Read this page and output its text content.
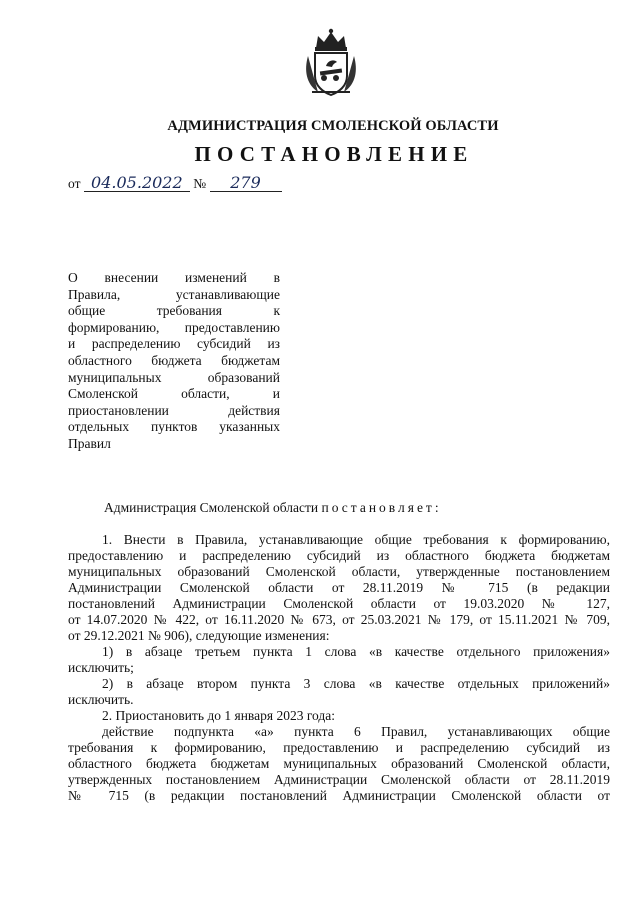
АДМИНИСТРАЦИЯ СМОЛЕНСКОЙ ОБЛАСТИ
ПОСТАНОВЛЕНИЕ
от 04.05.2022 № 279
О внесении изменений в
Правила, устанавливающие
общие требования к
формированию, предоставлению
и распределению субсидий из
областного бюджета бюджетам
муниципальных образований
Смоленской области, и
приостановлении действия
отдельных пунктов указанных
Правил
Администрация Смоленской области постановляет:
1. Внести в Правила, устанавливающие общие требования к формированию,
предоставлению и распределению субсидий из областного бюджета бюджетам
муниципальных образований Смоленской области, утвержденные постановлением
Администрации Смоленской области от 28.11.2019 № 715 (в редакции
постановлений Администрации Смоленской области от 19.03.2020 № 127,
от 14.07.2020 № 422, от 16.11.2020 № 673, от 25.03.2021 № 179, от 15.11.2021 № 709,
от 29.12.2021 № 906), следующие изменения:
1) в абзаце третьем пункта 1 слова «в качестве отдельного приложения»
исключить;
2) в абзаце втором пункта 3 слова «в качестве отдельных приложений»
исключить.
2. Приостановить до 1 января 2023 года:
действие подпункта «а» пункта 6 Правил, устанавливающих общие
требования к формированию, предоставлению и распределению субсидий из
областного бюджета бюджетам муниципальных образований Смоленской области,
утвержденных постановлением Администрации Смоленской области от 28.11.2019
№ 715 (в редакции постановлений Администрации Смоленской области от
